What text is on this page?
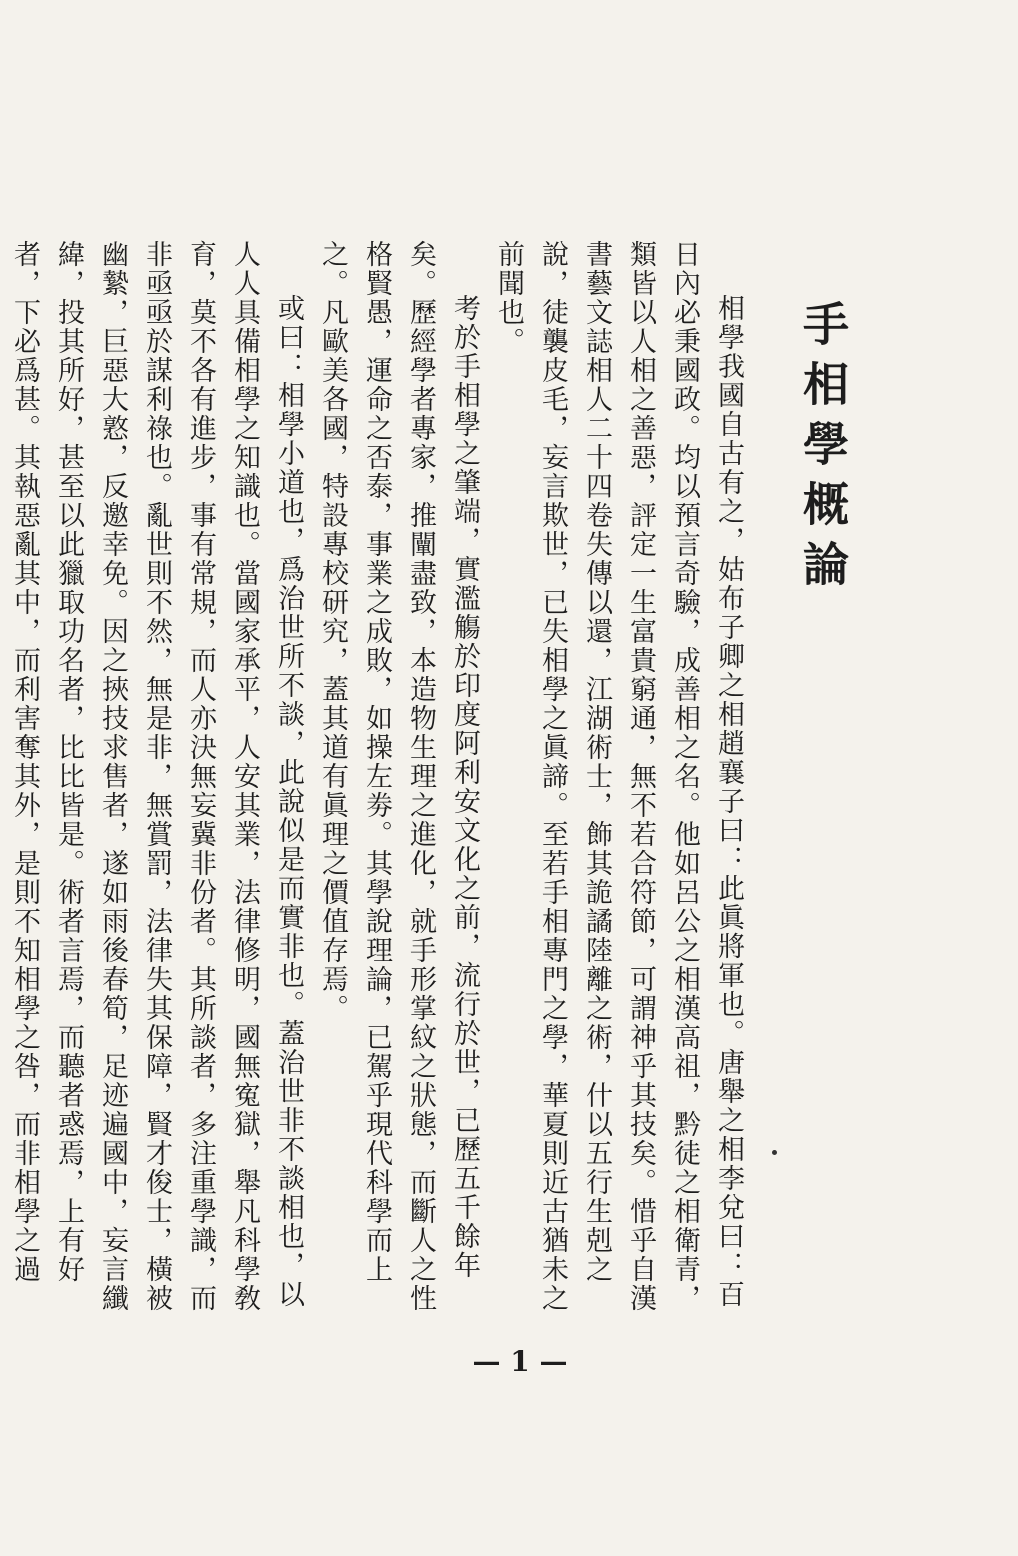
手相學概論

相學我國自古有之，姑布子卿之相趙襄子曰：此眞將軍也。唐舉之相李兌曰：百日內必秉國政。均以預言奇驗，成善相之名。他如呂公之相漢高祖，黔徒之相衛青，類皆以人相之善惡，評定一生富貴窮通，無不若合符節，可謂神乎其技矣。惜乎自漢書藝文誌相人二十四卷失傳以還，江湖術士，飾其詭譎陸離之術，什以五行生剋之說，徒襲皮毛，妄言欺世，已失相學之眞諦。至若手相專門之學，華夏則近古猶未之前聞也。

考於手相學之肇端，實濫觴於印度阿利安文化之前，流行於世，已歷五千餘年矣。歷經學者專家，推闡盡致，本造物生理之進化，就手形掌紋之狀態，而斷人之性格賢愚，運命之否泰，事業之成敗，如操左劵。其學說理論，已駕乎現代科學而上之。凡歐美各國，特設專校研究，蓋其道有眞理之價值存焉。

或曰：相學小道也，爲治世所不談，此說似是而實非也。蓋治世非不談相也，以人人具備相學之知識也。當國家承平，人安其業，法律修明，國無寃獄，舉凡科學敎育，莫不各有進步，事有常規，而人亦決無妄冀非份者。其所談者，多注重學識，而非亟亟於謀利祿也。亂世則不然，無是非，無賞罰，法律失其保障，賢才俊士，橫被幽縶，巨惡大憝，反邀幸免。因之挾技求售者，遂如雨後春筍，足迹遍國中，妄言纖緯，投其所好，甚至以此獵取功名者，比比皆是。術者言焉，而聽者惑焉，上有好者，下必爲甚。其執惡亂其中，而利害奪其外，是則不知相學之咎，而非相學之過

— 1 —
